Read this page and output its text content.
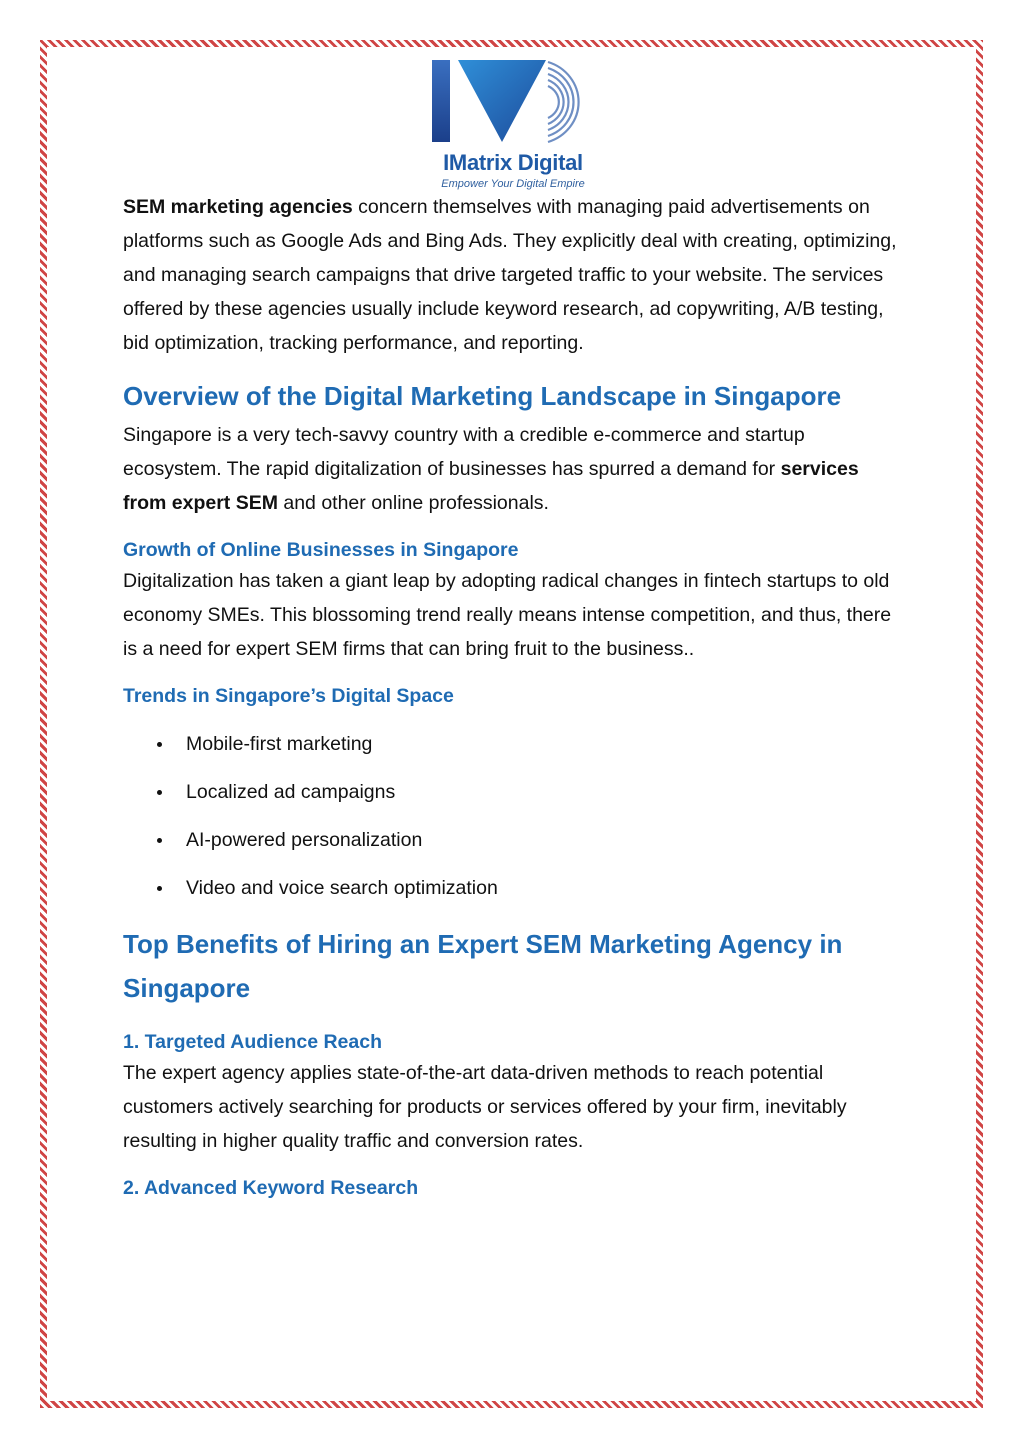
IMatrix Digital
Empower Your Digital Empire

SEM marketing agencies concern themselves with managing paid advertisements on platforms such as Google Ads and Bing Ads. They explicitly deal with creating, optimizing, and managing search campaigns that drive targeted traffic to your website. The services offered by these agencies usually include keyword research, ad copywriting, A/B testing, bid optimization, tracking performance, and reporting.

Overview of the Digital Marketing Landscape in Singapore

Singapore is a very tech-savvy country with a credible e-commerce and startup ecosystem. The rapid digitalization of businesses has spurred a demand for services from expert SEM and other online professionals.

Growth of Online Businesses in Singapore

Digitalization has taken a giant leap by adopting radical changes in fintech startups to old economy SMEs. This blossoming trend really means intense competition, and thus, there is a need for expert SEM firms that can bring fruit to the business..

Trends in Singapore’s Digital Space
Mobile-first marketing
Localized ad campaigns
AI-powered personalization
Video and voice search optimization
Top Benefits of Hiring an Expert SEM Marketing Agency in Singapore
1. Targeted Audience Reach

The expert agency applies state-of-the-art data-driven methods to reach potential customers actively searching for products or services offered by your firm, inevitably resulting in higher quality traffic and conversion rates.

2. Advanced Keyword Research
